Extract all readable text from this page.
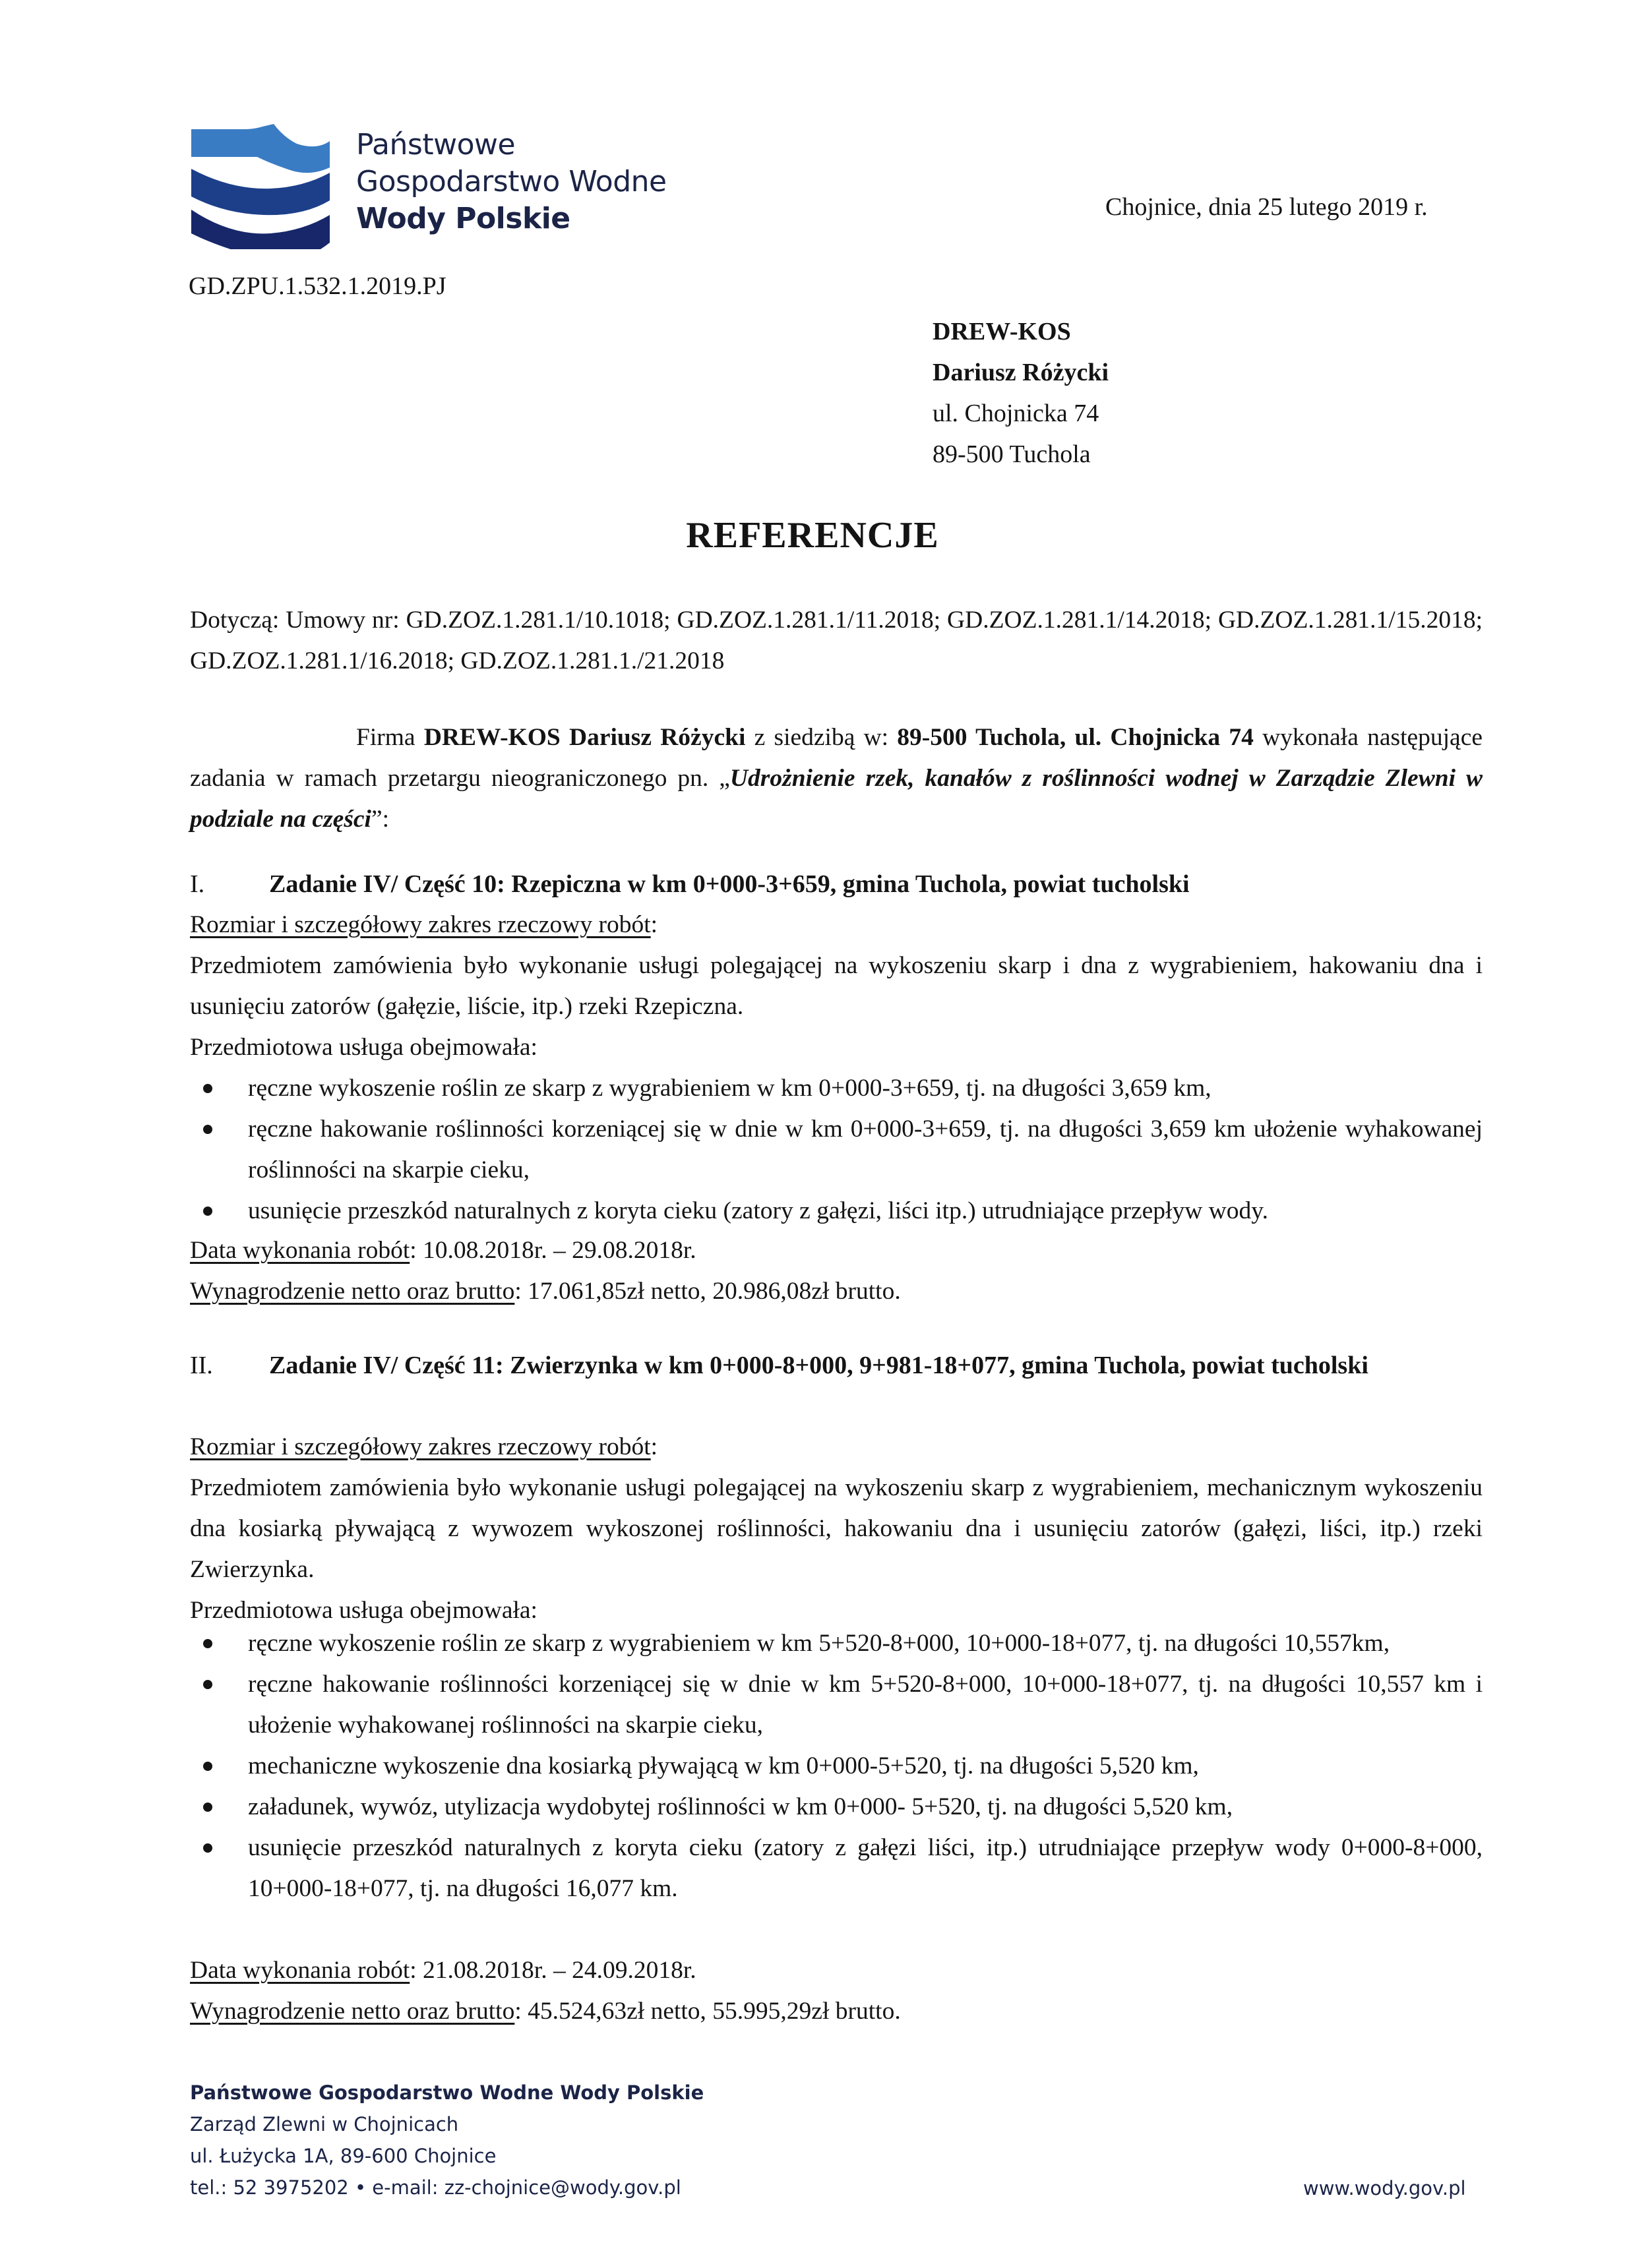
Państwowe
Gospodarstwo Wodne
Wody Polskie	Chojnice, dnia 25 lutego 2019 r.
GD.ZPU.1.532.1.2019.PJ
DREW-KOS
Dariusz Różycki
ul. Chojnicka 74
89-500 Tuchola
REFERENCJE
Dotyczą: Umowy nr: GD.ZOZ.1.281.1/10.1018; GD.ZOZ.1.281.1/11.2018; GD.ZOZ.1.281.1/14.2018; GD.ZOZ.1.281.1/15.2018; GD.ZOZ.1.281.1/16.2018; GD.ZOZ.1.281.1./21.2018
Firma DREW-KOS Dariusz Różycki z siedzibą w: 89-500 Tuchola, ul. Chojnicka 74 wykonała następujące zadania w ramach przetargu nieograniczonego pn. „Udrożnienie rzek, kanałów z roślinności wodnej w Zarządzie Zlewni w podziale na części”:
I.	Zadanie IV/ Część 10: Rzepiczna w km 0+000-3+659, gmina Tuchola, powiat tucholski
Rozmiar i szczegółowy zakres rzeczowy robót:
Przedmiotem zamówienia było wykonanie usługi polegającej na wykoszeniu skarp i dna z wygrabieniem, hakowaniu dna i usunięciu zatorów (gałęzie, liście, itp.) rzeki Rzepiczna.
Przedmiotowa usługa obejmowała:
ręczne wykoszenie roślin ze skarp z wygrabieniem w km 0+000-3+659, tj. na długości 3,659 km,
ręczne hakowanie roślinności korzeniącej się w dnie w km 0+000-3+659, tj. na długości 3,659 km ułożenie wyhakowanej roślinności na skarpie cieku,
usunięcie przeszkód naturalnych z koryta cieku (zatory z gałęzi, liści itp.) utrudniające przepływ wody.
Data wykonania robót: 10.08.2018r. – 29.08.2018r.
Wynagrodzenie netto oraz brutto: 17.061,85zł netto, 20.986,08zł brutto.
II. Zadanie IV/ Część 11: Zwierzynka w km 0+000-8+000, 9+981-18+077, gmina Tuchola, powiat tucholski
Rozmiar i szczegółowy zakres rzeczowy robót:
Przedmiotem zamówienia było wykonanie usługi polegającej na wykoszeniu skarp z wygrabieniem, mechanicznym wykoszeniu dna kosiarką pływającą z wywozem wykoszonej roślinności, hakowaniu dna i usunięciu zatorów (gałęzi, liści, itp.) rzeki Zwierzynka.
Przedmiotowa usługa obejmowała:
ręczne wykoszenie roślin ze skarp z wygrabieniem w km 5+520-8+000, 10+000-18+077, tj. na długości 10,557km,
ręczne hakowanie roślinności korzeniącej się w dnie w km 5+520-8+000, 10+000-18+077, tj. na długości 10,557 km i ułożenie wyhakowanej roślinności na skarpie cieku,
mechaniczne wykoszenie dna kosiarką pływającą w km 0+000-5+520, tj. na długości 5,520 km,
załadunek, wywóz, utylizacja wydobytej roślinności w km 0+000- 5+520, tj. na długości 5,520 km,
usunięcie przeszkód naturalnych z koryta cieku (zatory z gałęzi liści, itp.) utrudniające przepływ wody 0+000-8+000, 10+000-18+077, tj. na długości 16,077 km.
Data wykonania robót: 21.08.2018r. – 24.09.2018r.
Wynagrodzenie netto oraz brutto: 45.524,63zł netto, 55.995,29zł brutto.
Państwowe Gospodarstwo Wodne Wody Polskie
Zarząd Zlewni w Chojnicach
ul. Łużycka 1A, 89-600 Chojnice
tel.: 52 3975202 • e-mail: zz-chojnice@wody.gov.pl	www.wody.gov.pl
